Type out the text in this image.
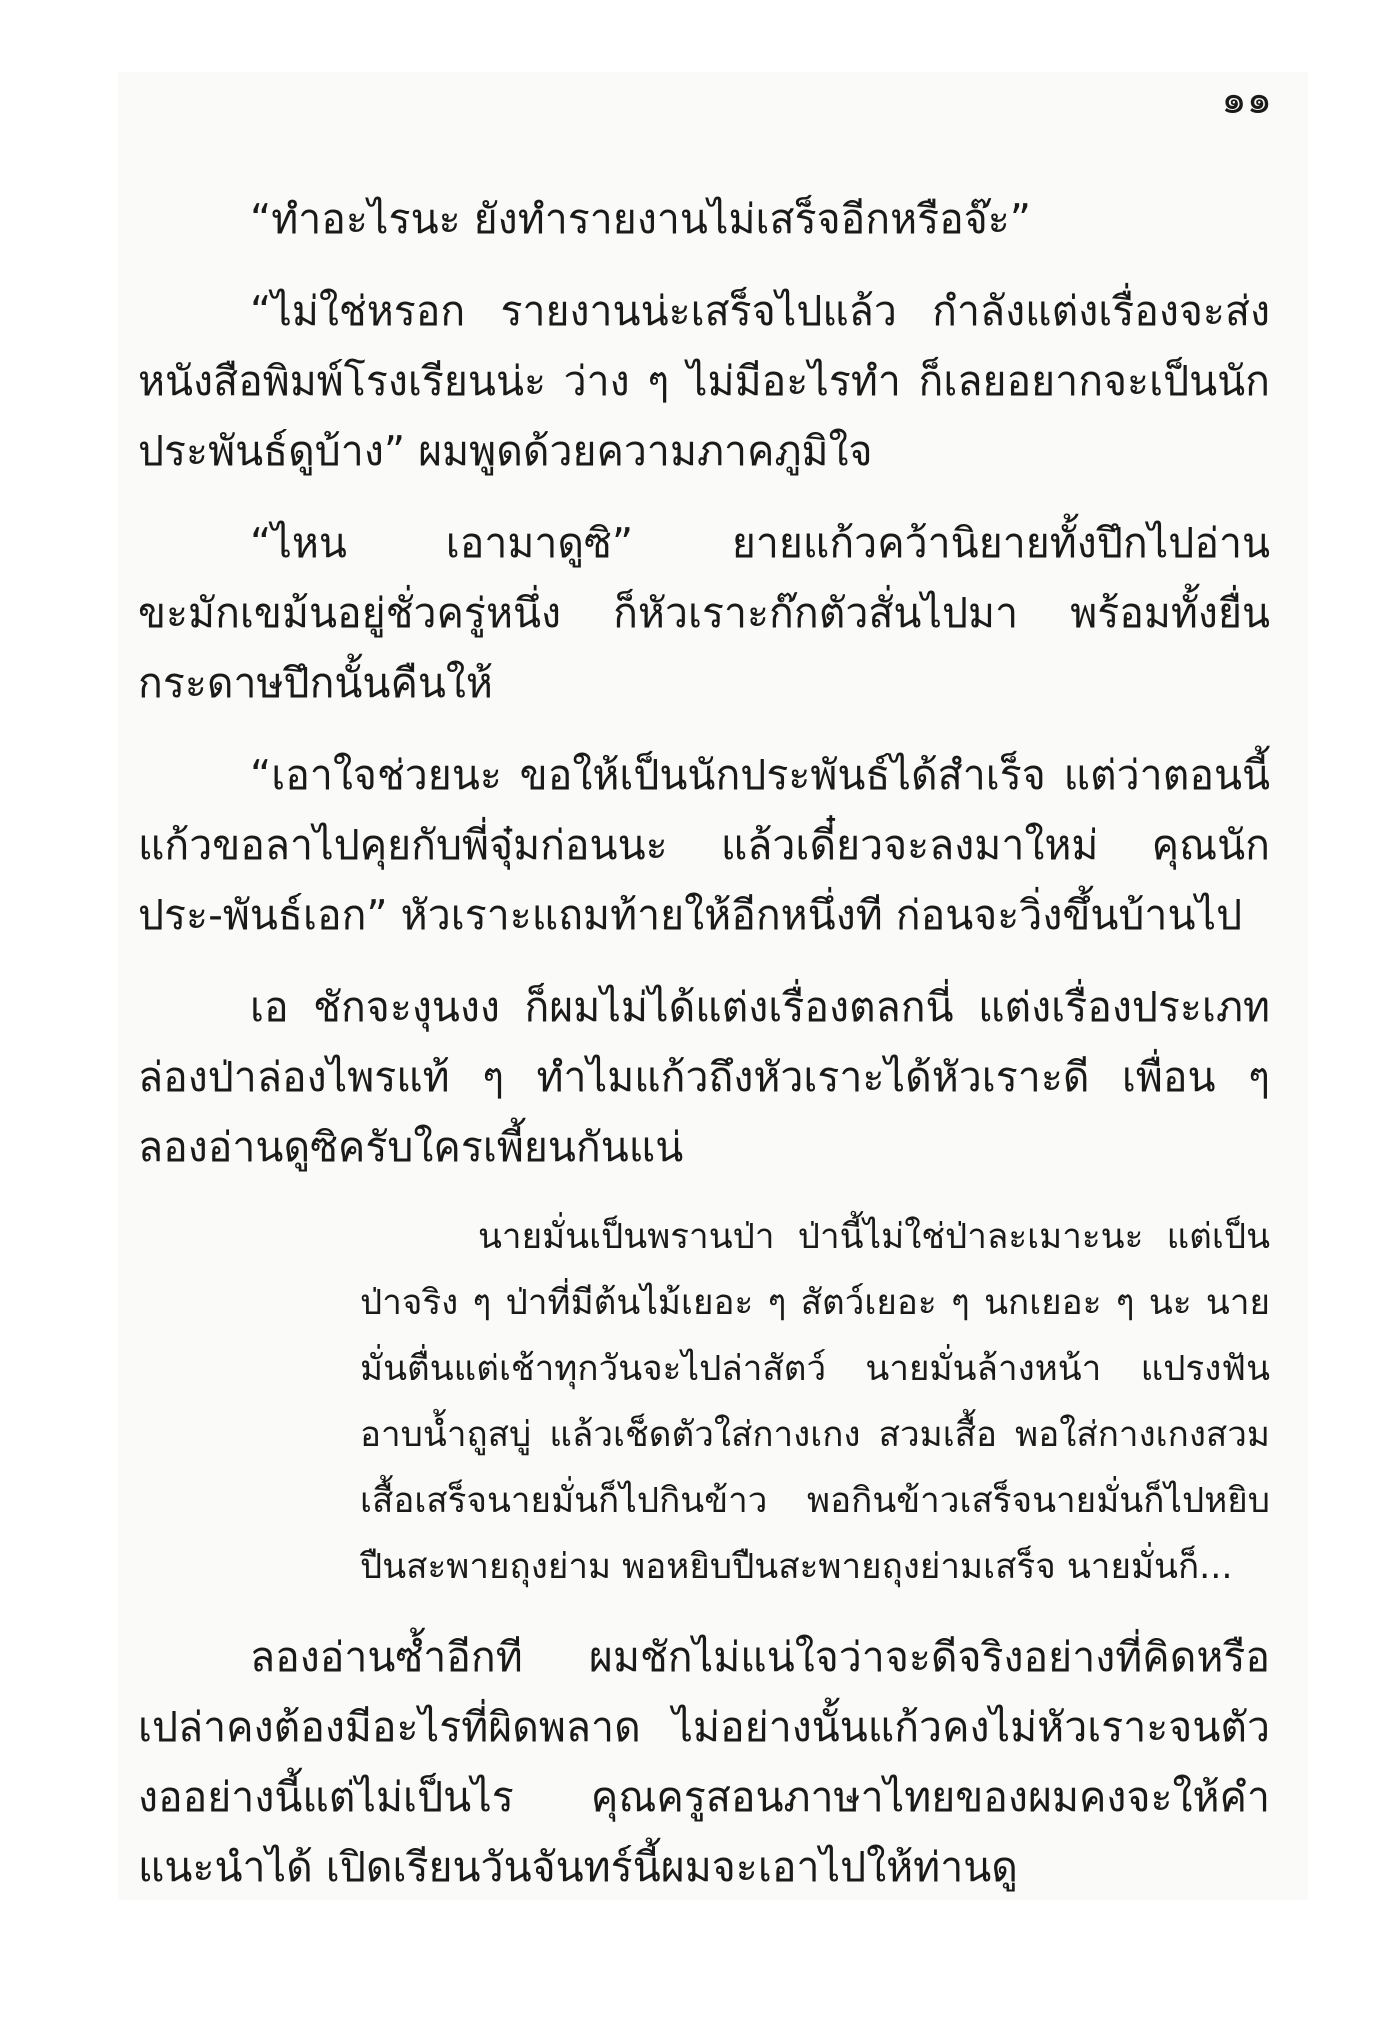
๑๑

“ทำอะไรนะ ยังทำรายงานไม่เสร็จอีกหรือจ๊ะ”

“ไม่ใช่หรอก รายงานน่ะเสร็จไปแล้ว กำลังแต่งเรื่องจะส่งหนังสือพิมพ์โรงเรียนน่ะ ว่าง ๆ ไม่มีอะไรทำ ก็เลยอยากจะเป็นนักประพันธ์ดูบ้าง” ผมพูดด้วยความภาคภูมิใจ

“ไหน เอามาดูซิ” ยายแก้วคว้านิยายทั้งปึกไปอ่าน ขะมักเขม้นอยู่ชั่วครู่หนึ่ง ก็หัวเราะก๊กตัวสั่นไปมา พร้อมทั้งยื่นกระดาษปึกนั้นคืนให้

“เอาใจช่วยนะ ขอให้เป็นนักประพันธ์ได้สำเร็จ แต่ว่าตอนนี้แก้วขอลาไปคุยกับพี่จุ๋มก่อนนะ แล้วเดี๋ยวจะลงมาใหม่ คุณนักประ-พันธ์เอก” หัวเราะแถมท้ายให้อีกหนึ่งที ก่อนจะวิ่งขึ้นบ้านไป

เอ ชักจะงุนงง ก็ผมไม่ได้แต่งเรื่องตลกนี่ แต่งเรื่องประเภทล่องป่าล่องไพรแท้ ๆ ทำไมแก้วถึงหัวเราะได้หัวเราะดี เพื่อน ๆ ลองอ่านดูซิครับใครเพี้ยนกันแน่

นายมั่นเป็นพรานป่า ป่านี้ไม่ใช่ป่าละเมาะนะ แต่เป็นป่าจริง ๆ ป่าที่มีต้นไม้เยอะ ๆ สัตว์เยอะ ๆ นกเยอะ ๆ นะ นายมั่นตื่นแต่เช้าทุกวันจะไปล่าสัตว์ นายมั่นล้างหน้า แปรงฟัน อาบน้ำถูสบู่ แล้วเช็ดตัวใส่กางเกง สวมเสื้อ พอใส่กางเกงสวมเสื้อเสร็จนายมั่นก็ไปกินข้าว พอกินข้าวเสร็จนายมั่นก็ไปหยิบปืนสะพายถุงย่าม พอหยิบปืนสะพายถุงย่ามเสร็จ นายมั่นก็...

ลองอ่านซ้ำอีกที ผมชักไม่แน่ใจว่าจะดีจริงอย่างที่คิดหรือเปล่าคงต้องมีอะไรที่ผิดพลาด ไม่อย่างนั้นแก้วคงไม่หัวเราะจนตัวงออย่างนี้แต่ไม่เป็นไร คุณครูสอนภาษาไทยของผมคงจะให้คำแนะนำได้ เปิดเรียนวันจันทร์นี้ผมจะเอาไปให้ท่านดู
